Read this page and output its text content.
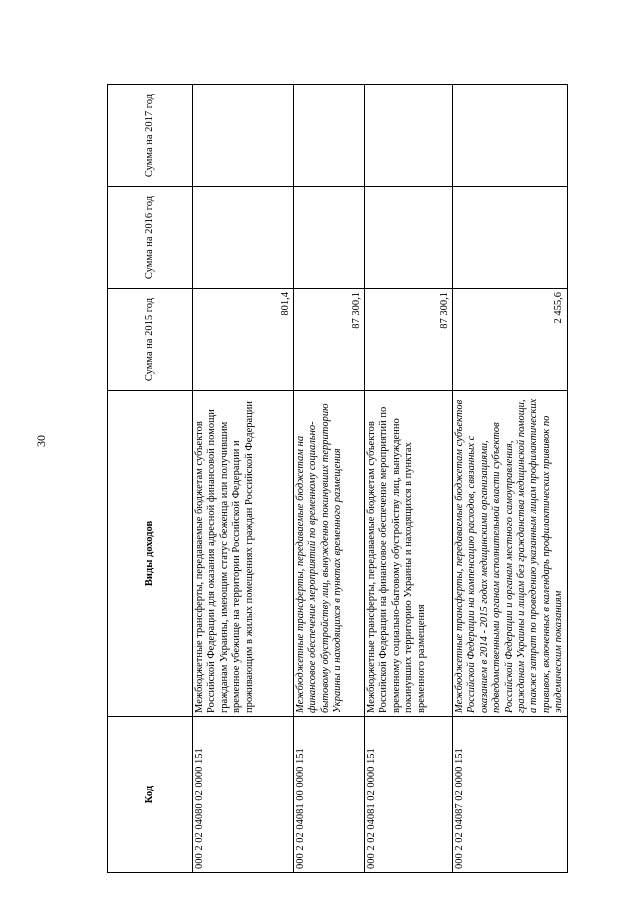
30
Код	Виды доходов	Сумма на 2015 год	Сумма на 2016 год	Сумма на 2017 год
000 2 02 04080 02 0000 151	Межбюджетные трансферты, передаваемые бюджетам субъектов Российской Федерации для оказания адресной финансовой помощи гражданам Украины, имеющим статус беженца или получившим временное убежище на территории Российской Федерации и проживающим в жилых помещениях граждан Российской Федерации	801,4		
000 2 02 04081 00 0000 151	Межбюджетные трансферты, передаваемые бюджетам на финансовое обеспечение мероприятий по временному социально-бытовому обустройству лиц, вынужденно покинувших территорию Украины и находящихся в пунктах временного размещения	87 300,1		
000 2 02 04081 02 0000 151	Межбюджетные трансферты, передаваемые бюджетам субъектов Российской Федерации на финансовое обеспечение мероприятий по временному социально-бытовому обустройству лиц, вынужденно покинувших территорию Украины и находящихся в пунктах временного размещения	87 300,1		
000 2 02 04087 02 0000 151	Межбюджетные трансферты, передаваемые бюджетам субъектов Российской Федерации на компенсацию расходов, связанных с оказанием в 2014 - 2015 годах медицинскими организациями, подведомственными органам исполнительной власти субъектов Российской Федерации и органам местного самоуправления, гражданам Украины и лицам без гражданства медицинской помощи, а также затрат по проведению указанным лицам профилактических прививок, включенных в календарь профилактических прививок по эпидемическим показаниям	2 455,6		
